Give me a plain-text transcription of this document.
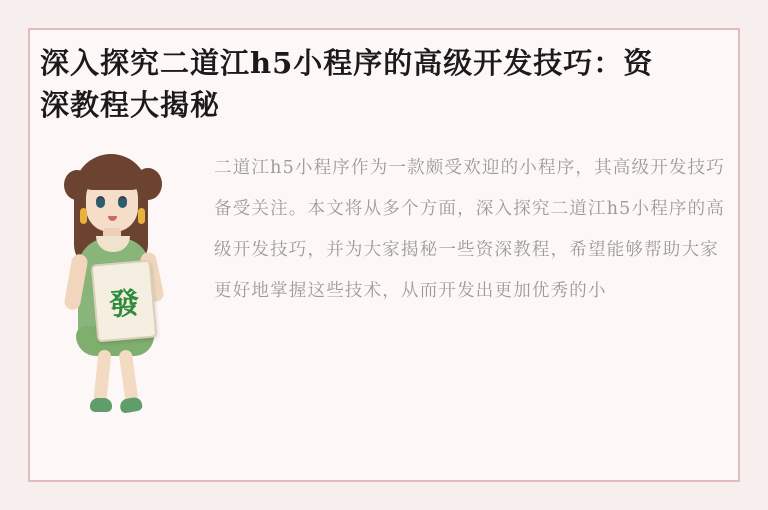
深入探究二道江h5小程序的高级开发技巧：资深教程大揭秘
發
二道江h5小程序作为一款颇受欢迎的小程序，其高级开发技巧备受关注。本文将从多个方面，深入探究二道江h5小程序的高级开发技巧，并为大家揭秘一些资深教程，希望能够帮助大家更好地掌握这些技术，从而开发出更加优秀的小
